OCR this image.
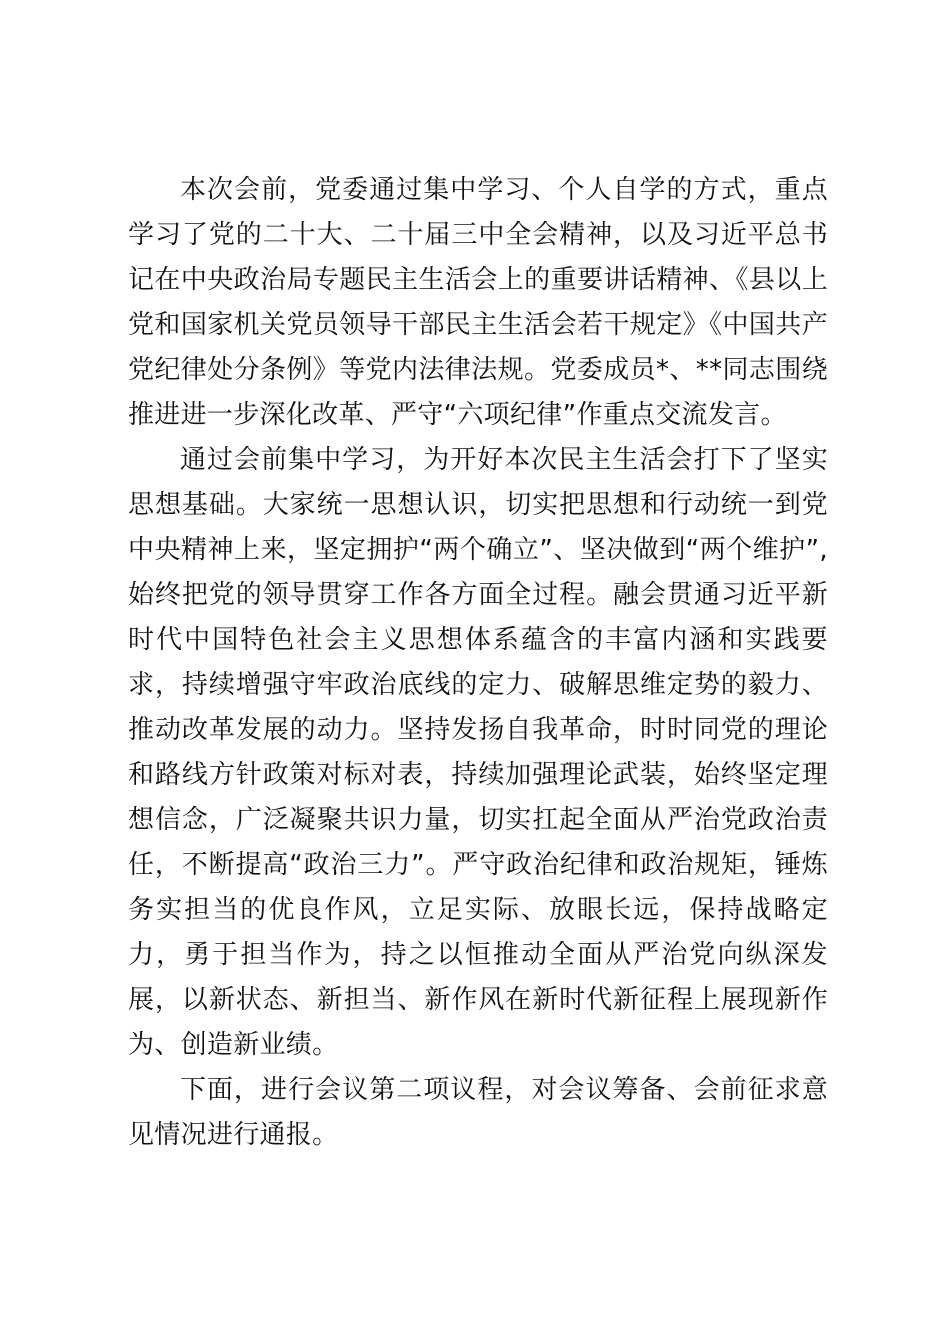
本次会前，党委通过集中学习、个人自学的方式，重点学习了党的二十大、二十届三中全会精神，以及习近平总书记在中央政治局专题民主生活会上的重要讲话精神、《县以上党和国家机关党员领导干部民主生活会若干规定》《中国共产党纪律处分条例》等党内法律法规。党委成员*、**同志围绕推进进一步深化改革、严守“六项纪律”作重点交流发言。

通过会前集中学习，为开好本次民主生活会打下了坚实思想基础。大家统一思想认识，切实把思想和行动统一到党中央精神上来，坚定拥护“两个确立”、坚决做到“两个维护”,始终把党的领导贯穿工作各方面全过程。融会贯通习近平新时代中国特色社会主义思想体系蕴含的丰富内涵和实践要求，持续增强守牢政治底线的定力、破解思维定势的毅力、推动改革发展的动力。坚持发扬自我革命，时时同党的理论和路线方针政策对标对表，持续加强理论武装，始终坚定理想信念，广泛凝聚共识力量，切实扛起全面从严治党政治责任，不断提高“政治三力”。严守政治纪律和政治规矩，锤炼务实担当的优良作风，立足实际、放眼长远，保持战略定力，勇于担当作为，持之以恒推动全面从严治党向纵深发展，以新状态、新担当、新作风在新时代新征程上展现新作为、创造新业绩。

下面，进行会议第二项议程，对会议筹备、会前征求意见情况进行通报。
